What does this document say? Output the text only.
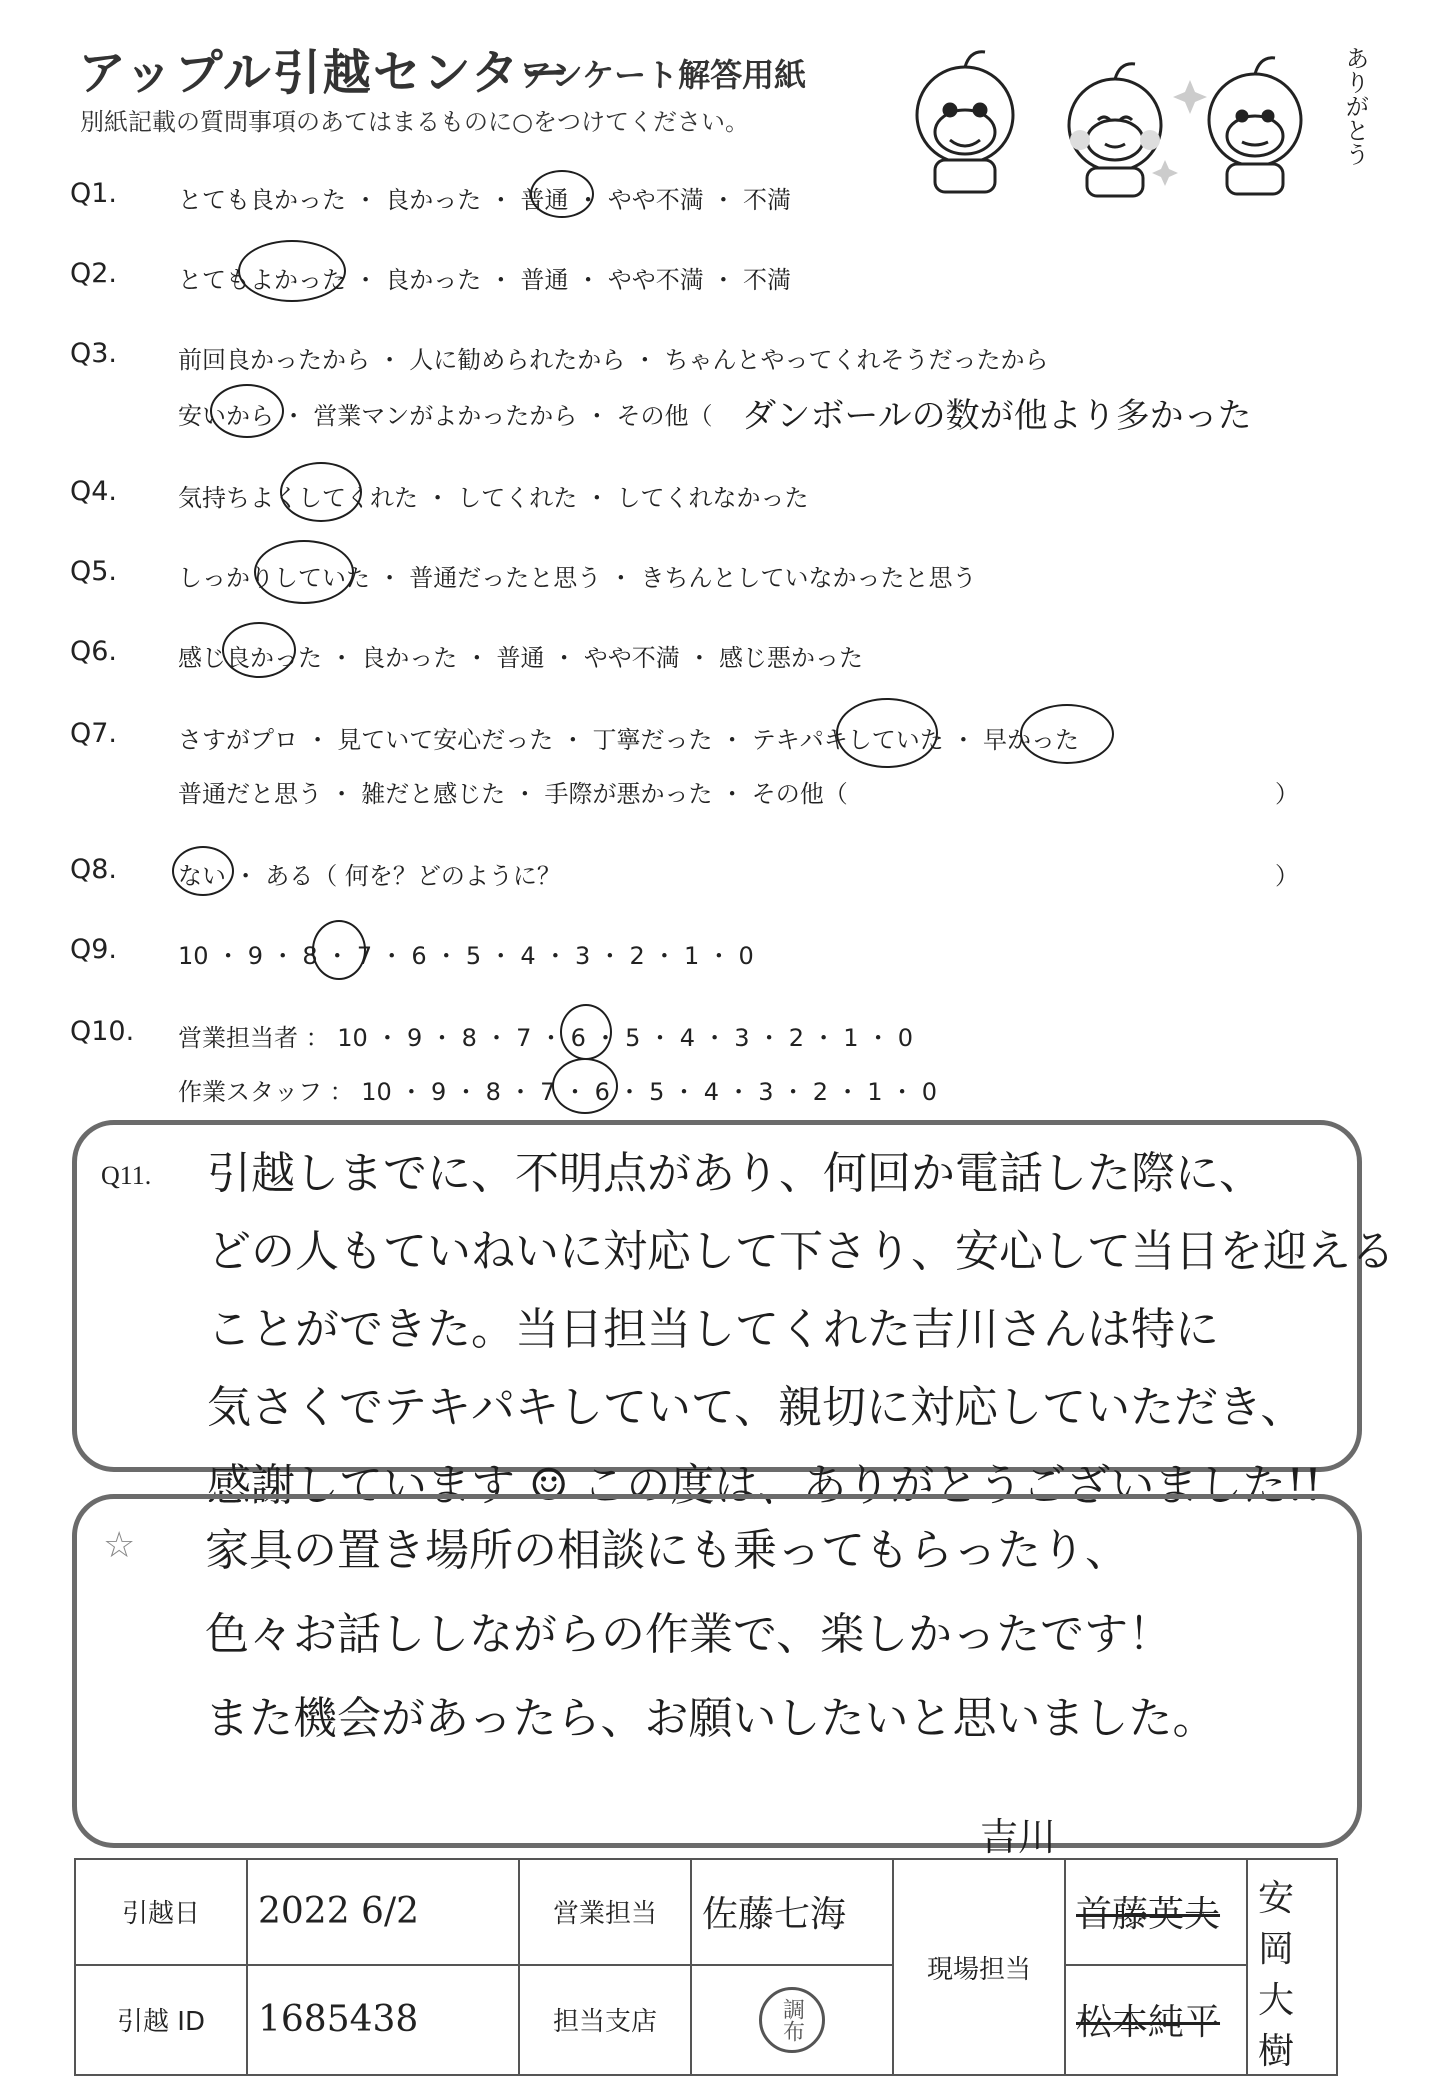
アップル引越センター
アンケート解答用紙
別紙記載の質問事項のあてはまるものに○をつけてください。	ありがとう
Q1.	とても良かった ・ 良かった ・ 普通 ・ やや不満 ・ 不満
Q2.	とてもよかった ・ 良かった ・ 普通 ・ やや不満 ・ 不満
Q3.	前回良かったから ・ 人に勧められたから ・ ちゃんとやってくれそうだったから
安いから ・ 営業マンがよかったから ・ その他（ ダンボールの数が他より多かった
Q4.	気持ちよくしてくれた ・ してくれた ・ してくれなかった
Q5.	しっかりしていた ・ 普通だったと思う ・ きちんとしていなかったと思う
Q6.	感じ良かった ・ 良かった ・ 普通 ・ やや不満 ・ 感じ悪かった
Q7.	さすがプロ ・ 見ていて安心だった ・ 丁寧だった ・ テキパキしていた ・ 早かった
普通だと思う ・ 雑だと感じた ・ 手際が悪かった ・ その他（	）
Q8.	ない ・ ある（ 何を？どのように？	）
Q9.	10 ・ 9 ・ 8 ・ 7 ・ 6 ・ 5 ・ 4 ・ 3 ・ 2 ・ 1 ・ 0
Q10. 営業担当者 ： 10 ・ 9 ・ 8 ・ 7 ・ 6 ・ 5 ・ 4 ・ 3 ・ 2 ・ 1 ・ 0
作業スタッフ ： 10 ・ 9 ・ 8 ・ 7 ・ 6 ・ 5 ・ 4 ・ 3 ・ 2 ・ 1 ・ 0
Q11. 引越しまでに、不明点があり、何回か電話した際に、
どの人もていねいに対応して下さり、安心して当日を迎える
ことができた。当日担当してくれた吉川さんは特に
気さくでテキパキしていて、親切に対応していただき、
感謝しています ☺ この度は、ありがとうございました!!
☆ 家具の置き場所の相談にも乗ってもらったり、
色々お話ししながらの作業で、楽しかったです！
また機会があったら、お願いしたいと思いました。
吉川
引越日	2022 6/2	営業担当	佐藤七海	現場担当	首藤英夫	安岡大樹
引越 ID	1685438	担当支店	調布		松本純平	
